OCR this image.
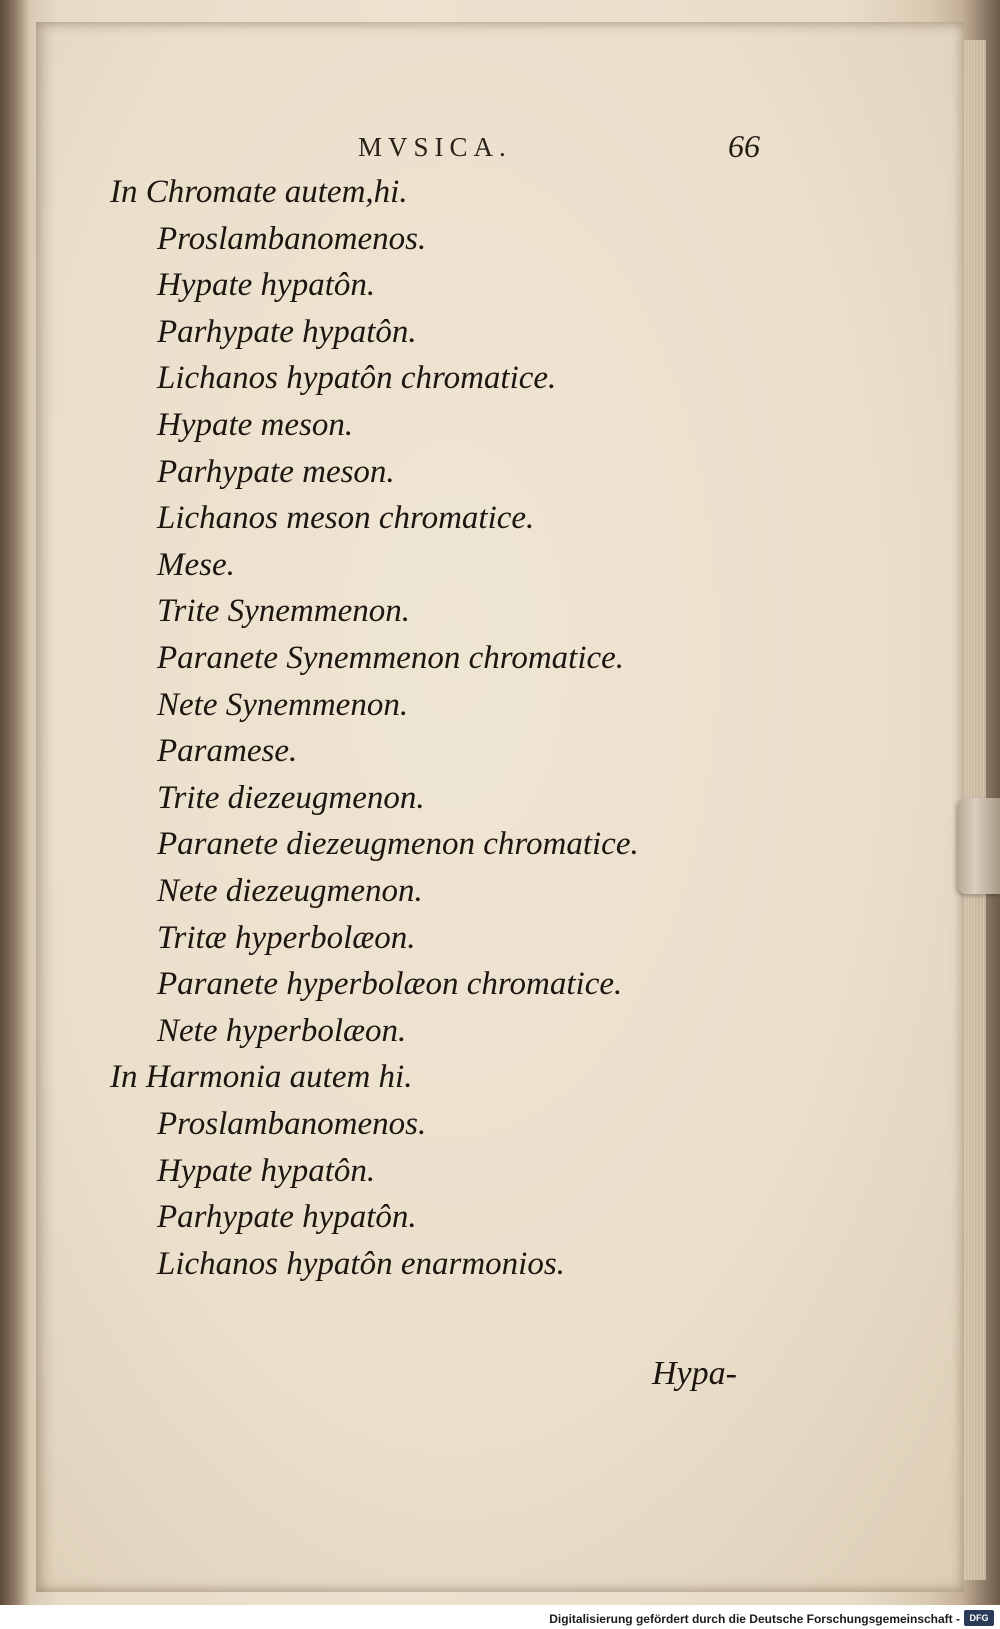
MVSICA.	66
In Chromate autem,hi.
Proslambanomenos.
Hypate hypatôn.
Parhypate hypatôn.
Lichanos hypatôn chromatice.
Hypate meson.
Parhypate meson.
Lichanos meson chromatice.
Mese.
Trite Synemmenon.
Paranete Synemmenon chromatice.
Nete Synemmenon.
Paramese.
Trite diezeugmenon.
Paranete diezeugmenon chromatice.
Nete diezeugmenon.
Tritæ hyperbolæon.
Paranete hyperbolæon chromatice.
Nete hyperbolæon.
In Harmonia autem hi.
Proslambanomenos.
Hypate hypatôn.
Parhypate hypatôn.
Lichanos hypatôn enarmonios.
Hypa-
Digitalisierung gefördert durch die Deutsche Forschungsgemeinschaft -	DFG
